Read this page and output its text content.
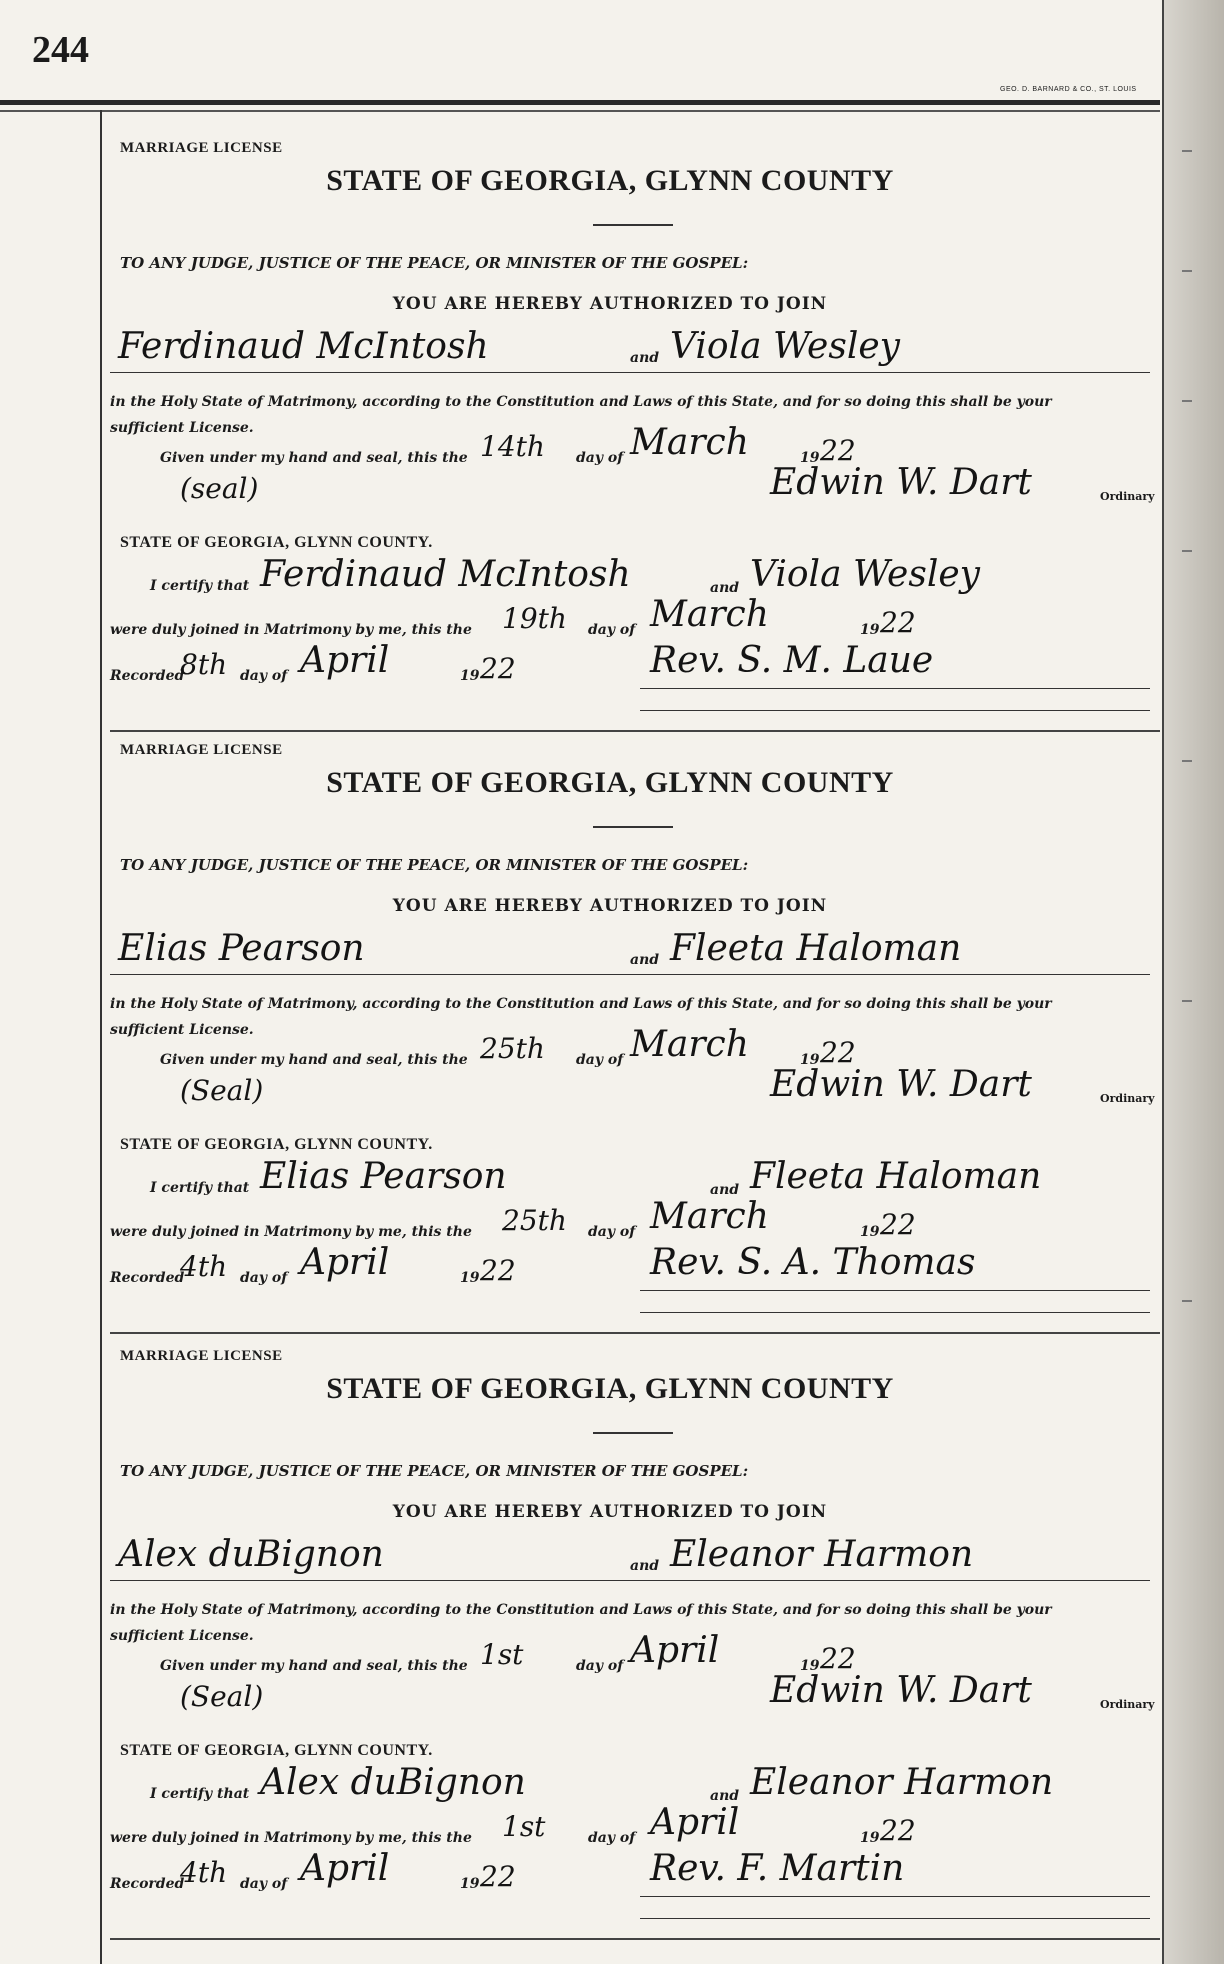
244
GEO. D. BARNARD & CO., ST. LOUIS
MARRIAGE LICENSE
STATE OF GEORGIA, GLYNN COUNTY
TO ANY JUDGE, JUSTICE OF THE PEACE, OR MINISTER OF THE GOSPEL:
YOU ARE HEREBY AUTHORIZED TO JOIN
Ferdinaud McIntosh	and Viola Wesley
in the Holy State of Matrimony, according to the Constitution and Laws of this State, and for so doing this shall be your
sufficient License.
Given under my hand and seal, this the 14th day of March	19 22
(seal)	Edwin W. Dart	Ordinary
STATE OF GEORGIA, GLYNN COUNTY.
I certify that Ferdinaud McIntosh	and Viola Wesley
were duly joined in Matrimony by me, this the 19th day of March	19 22
Recorded
8th day of April	19 22	Rev. S. M. Laue
MARRIAGE LICENSE
STATE OF GEORGIA, GLYNN COUNTY
TO ANY JUDGE, JUSTICE OF THE PEACE, OR MINISTER OF THE GOSPEL:
YOU ARE HEREBY AUTHORIZED TO JOIN
Elias Pearson	and Fleeta Haloman
in the Holy State of Matrimony, according to the Constitution and Laws of this State, and for so doing this shall be your
sufficient License.
Given under my hand and seal, this the 25th day of March	19 22
(Seal)	Edwin W. Dart	Ordinary
STATE OF GEORGIA, GLYNN COUNTY.
I certify that Elias Pearson	and Fleeta Haloman
were duly joined in Matrimony by me, this the 25th day of March	19 22
Recorded
4th day of April	19 22	Rev. S. A. Thomas
MARRIAGE LICENSE
STATE OF GEORGIA, GLYNN COUNTY
TO ANY JUDGE, JUSTICE OF THE PEACE, OR MINISTER OF THE GOSPEL:
YOU ARE HEREBY AUTHORIZED TO JOIN
Alex duBignon	and Eleanor Harmon
in the Holy State of Matrimony, according to the Constitution and Laws of this State, and for so doing this shall be your
sufficient License.
Given under my hand and seal, this the 1st	day of April	19 22
(Seal)	Edwin W. Dart	Ordinary
STATE OF GEORGIA, GLYNN COUNTY.
I certify that Alex duBignon	and Eleanor Harmon
were duly joined in Matrimony by me, this the 1st	day of April	19 22
Recorded
4th day of April	19 22	Rev. F. Martin
